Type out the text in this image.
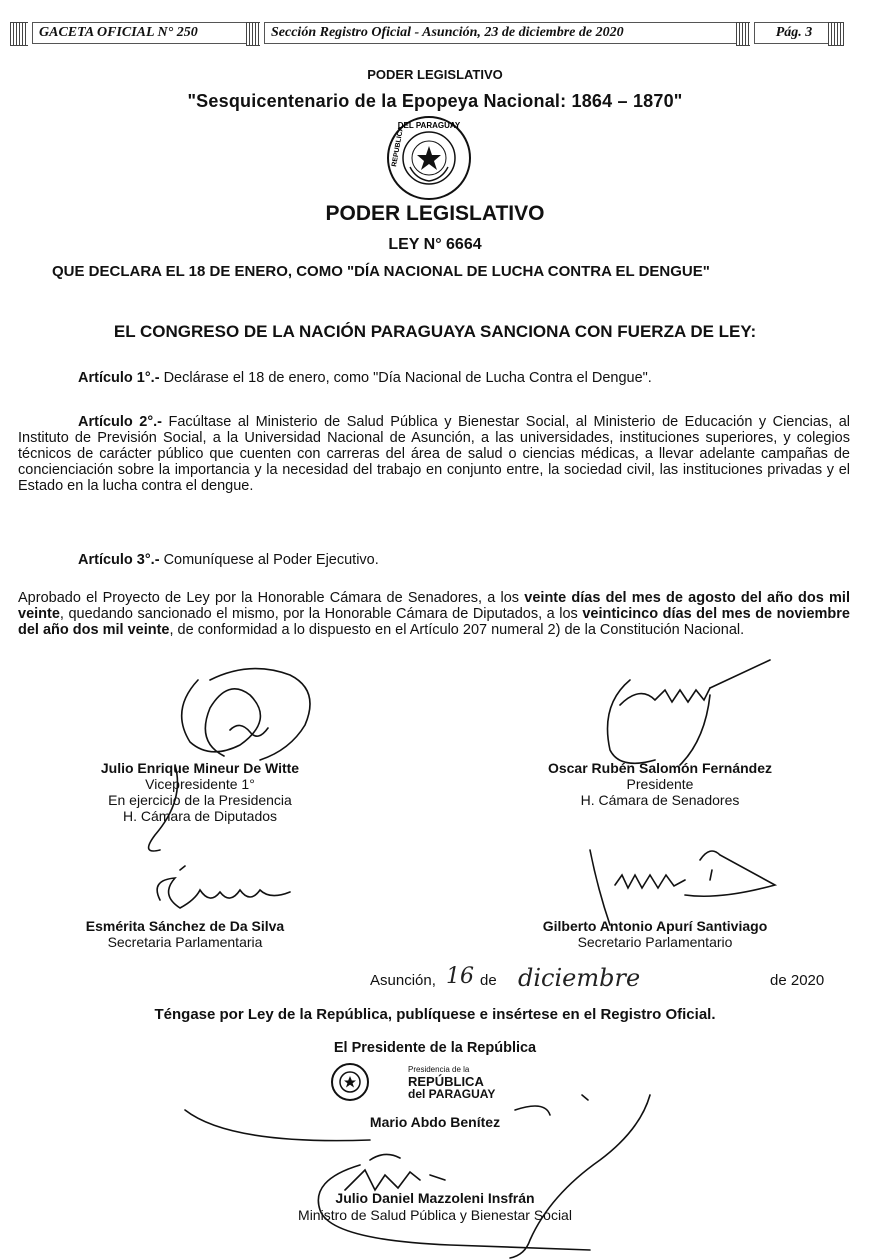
GACETA OFICIAL N° 250	Sección Registro Oficial - Asunción, 23 de diciembre de 2020	Pág. 3
PODER LEGISLATIVO
"Sesquicentenario de la Epopeya Nacional: 1864 – 1870"
DEL PARAGUAY
REPUBLICA
PODER LEGISLATIVO
LEY N° 6664
QUE DECLARA EL 18 DE ENERO, COMO "DÍA NACIONAL DE LUCHA CONTRA EL DENGUE"
EL CONGRESO DE LA NACIÓN PARAGUAYA SANCIONA CON FUERZA DE LEY:
Artículo 1°.- Declárase el 18 de enero, como "Día Nacional de Lucha Contra el Dengue".
Artículo 2°.- Facúltase al Ministerio de Salud Pública y Bienestar Social, al Ministerio de Educación y Ciencias, al Instituto de Previsión Social, a la Universidad Nacional de Asunción, a las universidades, instituciones superiores, y colegios técnicos de carácter público que cuenten con carreras del área de salud o ciencias médicas, a llevar adelante campañas de concienciación sobre la importancia y la necesidad del trabajo en conjunto entre, la sociedad civil, las instituciones privadas y el Estado en la lucha contra el dengue.
Artículo 3°.- Comuníquese al Poder Ejecutivo.
Aprobado el Proyecto de Ley por la Honorable Cámara de Senadores, a los veinte días del mes de agosto del año dos mil veinte, quedando sancionado el mismo, por la Honorable Cámara de Diputados, a los veinticinco días del mes de noviembre del año dos mil veinte, de conformidad a lo dispuesto en el Artículo 207 numeral 2) de la Constitución Nacional.
Julio Enrique Mineur De Witte
Vicepresidente 1°
En ejercicio de la Presidencia
H. Cámara de Diputados
Oscar Rubén Salomón Fernández
Presidente
H. Cámara de Senadores
Esmérita Sánchez de Da Silva
Secretaria Parlamentaria
Gilberto Antonio Apurí Santiviago
Secretario Parlamentario
Asunción, 16 de diciembre	de 2020
Téngase por Ley de la República, publíquese e insértese en el Registro Oficial.
El Presidente de la República
Presidencia de la
REPÚBLICA
del PARAGUAY
Mario Abdo Benítez
Julio Daniel Mazzoleni Insfrán
Ministro de Salud Pública y Bienestar Social
